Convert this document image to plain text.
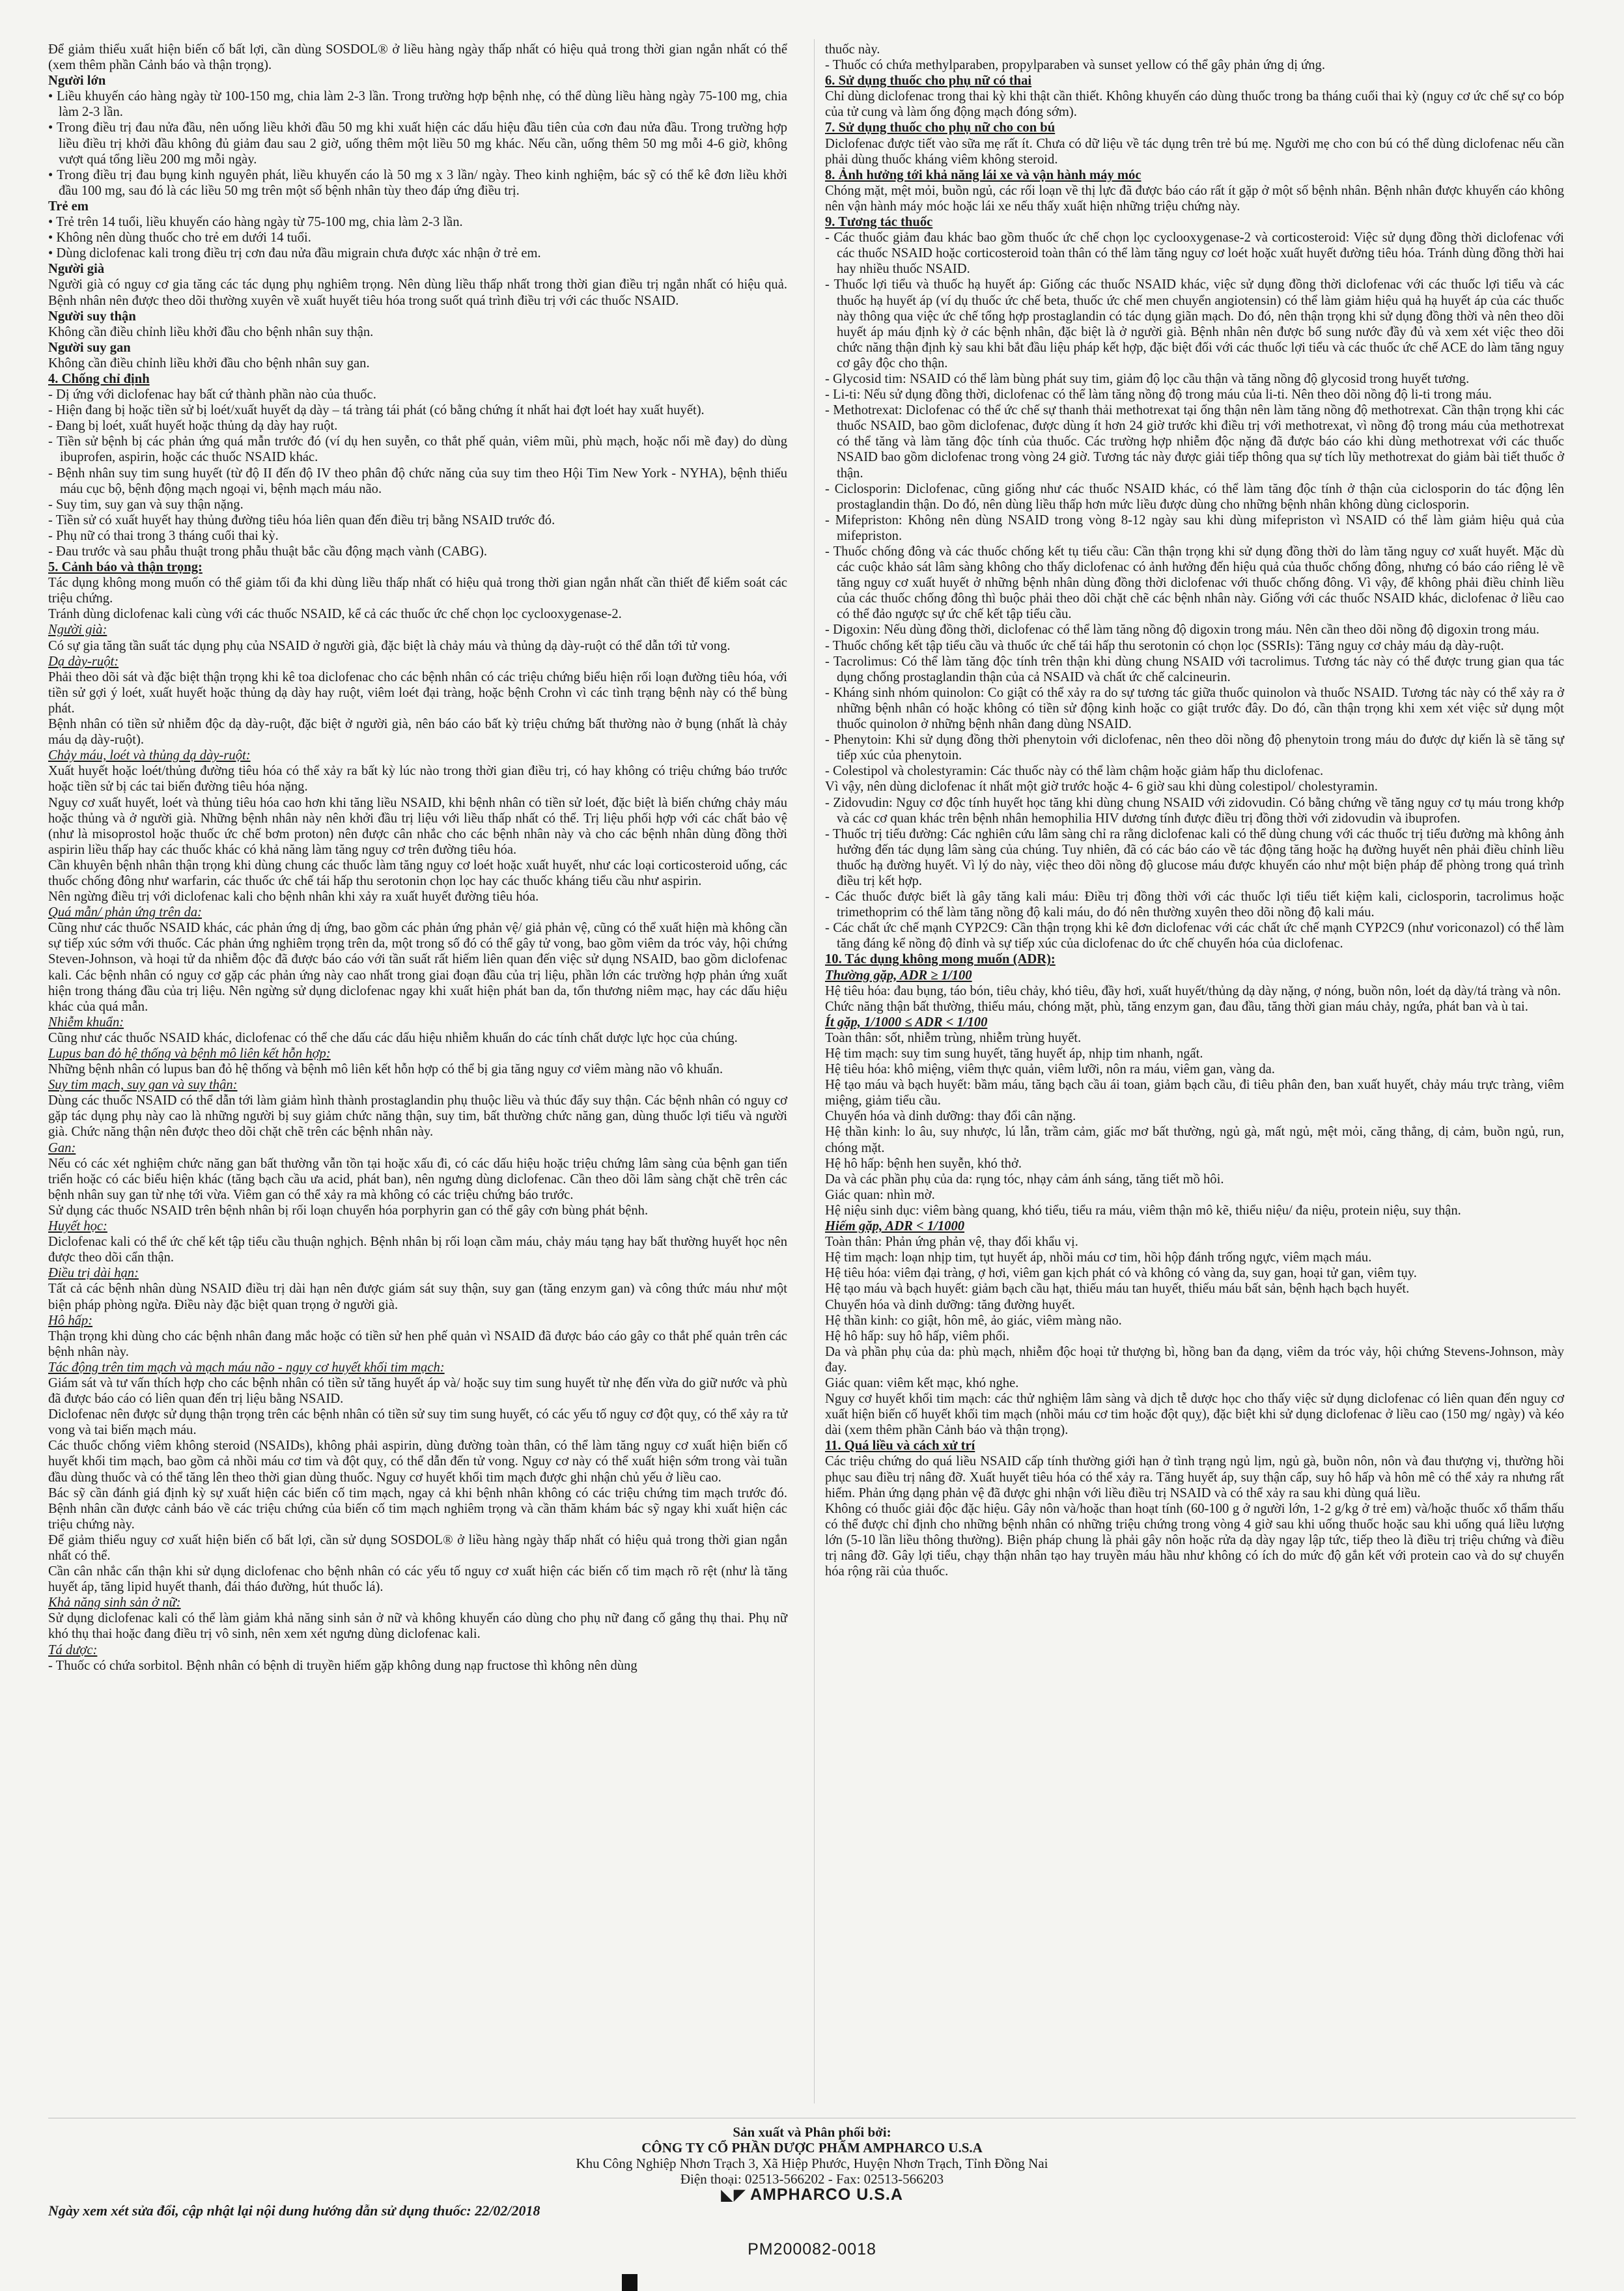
Để giảm thiểu xuất hiện biến cố bất lợi, cần dùng SOSDOL® ở liều hàng ngày thấp nhất có hiệu quả trong thời gian ngắn nhất có thể (xem thêm phần Cảnh báo và thận trọng).

Người lớn

• Liều khuyến cáo hàng ngày từ 100-150 mg, chia làm 2-3 lần. Trong trường hợp bệnh nhẹ, có thể dùng liều hàng ngày 75-100 mg, chia làm 2-3 lần.

• Trong điều trị đau nửa đầu, nên uống liều khởi đầu 50 mg khi xuất hiện các dấu hiệu đầu tiên của cơn đau nửa đầu. Trong trường hợp liều điều trị khởi đầu không đủ giảm đau sau 2 giờ, uống thêm một liều 50 mg khác. Nếu cần, uống thêm 50 mg mỗi 4-6 giờ, không vượt quá tổng liều 200 mg mỗi ngày.

• Trong điều trị đau bụng kinh nguyên phát, liều khuyến cáo là 50 mg x 3 lần/ ngày. Theo kinh nghiệm, bác sỹ có thể kê đơn liều khởi đầu 100 mg, sau đó là các liều 50 mg trên một số bệnh nhân tùy theo đáp ứng điều trị.

Trẻ em

• Trẻ trên 14 tuổi, liều khuyến cáo hàng ngày từ 75-100 mg, chia làm 2-3 lần.

• Không nên dùng thuốc cho trẻ em dưới 14 tuổi.

• Dùng diclofenac kali trong điều trị cơn đau nửa đầu migrain chưa được xác nhận ở trẻ em.

Người già

Người già có nguy cơ gia tăng các tác dụng phụ nghiêm trọng. Nên dùng liều thấp nhất trong thời gian điều trị ngắn nhất có hiệu quả. Bệnh nhân nên được theo dõi thường xuyên về xuất huyết tiêu hóa trong suốt quá trình điều trị với các thuốc NSAID.

Người suy thận

Không cần điều chỉnh liều khởi đầu cho bệnh nhân suy thận.

Người suy gan

Không cần điều chỉnh liều khởi đầu cho bệnh nhân suy gan.

4. Chống chỉ định

- Dị ứng với diclofenac hay bất cứ thành phần nào của thuốc.

- Hiện đang bị hoặc tiền sử bị loét/xuất huyết dạ dày – tá tràng tái phát (có bằng chứng ít nhất hai đợt loét hay xuất huyết).

- Đang bị loét, xuất huyết hoặc thủng dạ dày hay ruột.

- Tiền sử bệnh bị các phản ứng quá mẫn trước đó (ví dụ hen suyễn, co thắt phế quản, viêm mũi, phù mạch, hoặc nổi mề đay) do dùng ibuprofen, aspirin, hoặc các thuốc NSAID khác.

- Bệnh nhân suy tim sung huyết (từ độ II đến độ IV theo phân độ chức năng của suy tim theo Hội Tim New York - NYHA), bệnh thiếu máu cục bộ, bệnh động mạch ngoại vi, bệnh mạch máu não.

- Suy tim, suy gan và suy thận nặng.

- Tiền sử có xuất huyết hay thủng đường tiêu hóa liên quan đến điều trị bằng NSAID trước đó.

- Phụ nữ có thai trong 3 tháng cuối thai kỳ.

- Đau trước và sau phẫu thuật trong phẫu thuật bắc cầu động mạch vành (CABG).

5. Cảnh báo và thận trọng:

Tác dụng không mong muốn có thể giảm tối đa khi dùng liều thấp nhất có hiệu quả trong thời gian ngắn nhất cần thiết để kiểm soát các triệu chứng.

Tránh dùng diclofenac kali cùng với các thuốc NSAID, kể cả các thuốc ức chế chọn lọc cyclooxygenase-2.

Người già:

Có sự gia tăng tần suất tác dụng phụ của NSAID ở người già, đặc biệt là chảy máu và thủng dạ dày-ruột có thể dẫn tới tử vong.

Dạ dày-ruột:

Phải theo dõi sát và đặc biệt thận trọng khi kê toa diclofenac cho các bệnh nhân có các triệu chứng biểu hiện rối loạn đường tiêu hóa, với tiền sử gợi ý loét, xuất huyết hoặc thủng dạ dày hay ruột, viêm loét đại tràng, hoặc bệnh Crohn vì các tình trạng bệnh này có thể bùng phát.

Bệnh nhân có tiền sử nhiễm độc dạ dày-ruột, đặc biệt ở người già, nên báo cáo bất kỳ triệu chứng bất thường nào ở bụng (nhất là chảy máu dạ dày-ruột).

Chảy máu, loét và thủng dạ dày-ruột:

Xuất huyết hoặc loét/thủng đường tiêu hóa có thể xảy ra bất kỳ lúc nào trong thời gian điều trị, có hay không có triệu chứng báo trước hoặc tiền sử bị các tai biến đường tiêu hóa nặng.

Nguy cơ xuất huyết, loét và thủng tiêu hóa cao hơn khi tăng liều NSAID, khi bệnh nhân có tiền sử loét, đặc biệt là biến chứng chảy máu hoặc thủng và ở người già. Những bệnh nhân này nên khởi đầu trị liệu với liều thấp nhất có thể. Trị liệu phối hợp với các chất bảo vệ (như là misoprostol hoặc thuốc ức chế bơm proton) nên được cân nhắc cho các bệnh nhân này và cho các bệnh nhân dùng đồng thời aspirin liều thấp hay các thuốc khác có khả năng làm tăng nguy cơ trên đường tiêu hóa.

Cần khuyên bệnh nhân thận trọng khi dùng chung các thuốc làm tăng nguy cơ loét hoặc xuất huyết, như các loại corticosteroid uống, các thuốc chống đông như warfarin, các thuốc ức chế tái hấp thu serotonin chọn lọc hay các thuốc kháng tiểu cầu như aspirin.

Nên ngừng điều trị với diclofenac kali cho bệnh nhân khi xảy ra xuất huyết đường tiêu hóa.

Quá mẫn/ phản ứng trên da:

Cũng như các thuốc NSAID khác, các phản ứng dị ứng, bao gồm các phản ứng phản vệ/ giả phản vệ, cũng có thể xuất hiện mà không cần sự tiếp xúc sớm với thuốc. Các phản ứng nghiêm trọng trên da, một trong số đó có thể gây tử vong, bao gồm viêm da tróc vảy, hội chứng Steven-Johnson, và hoại tử da nhiễm độc đã được báo cáo với tần suất rất hiếm liên quan đến việc sử dụng NSAID, bao gồm diclofenac kali. Các bệnh nhân có nguy cơ gặp các phản ứng này cao nhất trong giai đoạn đầu của trị liệu, phần lớn các trường hợp phản ứng xuất hiện trong tháng đầu của trị liệu. Nên ngừng sử dụng diclofenac ngay khi xuất hiện phát ban da, tổn thương niêm mạc, hay các dấu hiệu khác của quá mẫn.

Nhiễm khuẩn:

Cũng như các thuốc NSAID khác, diclofenac có thể che dấu các dấu hiệu nhiễm khuẩn do các tính chất dược lực học của chúng.

Lupus ban đỏ hệ thống và bệnh mô liên kết hỗn hợp:

Những bệnh nhân có lupus ban đỏ hệ thống và bệnh mô liên kết hỗn hợp có thể bị gia tăng nguy cơ viêm màng não vô khuẩn.

Suy tim mạch, suy gan và suy thận:

Dùng các thuốc NSAID có thể dẫn tới làm giảm hình thành prostaglandin phụ thuộc liều và thúc đẩy suy thận. Các bệnh nhân có nguy cơ gặp tác dụng phụ này cao là những người bị suy giảm chức năng thận, suy tim, bất thường chức năng gan, dùng thuốc lợi tiểu và người già. Chức năng thận nên được theo dõi chặt chẽ trên các bệnh nhân này.

Gan:

Nếu có các xét nghiệm chức năng gan bất thường vẫn tồn tại hoặc xấu đi, có các dấu hiệu hoặc triệu chứng lâm sàng của bệnh gan tiến triển hoặc có các biểu hiện khác (tăng bạch cầu ưa acid, phát ban), nên ngưng dùng diclofenac. Cần theo dõi lâm sàng chặt chẽ trên các bệnh nhân suy gan từ nhẹ tới vừa. Viêm gan có thể xảy ra mà không có các triệu chứng báo trước.

Sử dụng các thuốc NSAID trên bệnh nhân bị rối loạn chuyển hóa porphyrin gan có thể gây cơn bùng phát bệnh.

Huyết học:

Diclofenac kali có thể ức chế kết tập tiểu cầu thuận nghịch. Bệnh nhân bị rối loạn cầm máu, chảy máu tạng hay bất thường huyết học nên được theo dõi cẩn thận.

Điều trị dài hạn:

Tất cả các bệnh nhân dùng NSAID điều trị dài hạn nên được giám sát suy thận, suy gan (tăng enzym gan) và công thức máu như một biện pháp phòng ngừa. Điều này đặc biệt quan trọng ở người già.

Hô hấp:

Thận trọng khi dùng cho các bệnh nhân đang mắc hoặc có tiền sử hen phế quản vì NSAID đã được báo cáo gây co thắt phế quản trên các bệnh nhân này.

Tác động trên tim mạch và mạch máu não - nguy cơ huyết khối tim mạch:

Giám sát và tư vấn thích hợp cho các bệnh nhân có tiền sử tăng huyết áp và/ hoặc suy tim sung huyết từ nhẹ đến vừa do giữ nước và phù đã được báo cáo có liên quan đến trị liệu bằng NSAID.

Diclofenac nên được sử dụng thận trọng trên các bệnh nhân có tiền sử suy tim sung huyết, có các yếu tố nguy cơ đột quỵ, có thể xảy ra tử vong và tai biến mạch máu.

Các thuốc chống viêm không steroid (NSAIDs), không phải aspirin, dùng đường toàn thân, có thể làm tăng nguy cơ xuất hiện biến cố huyết khối tim mạch, bao gồm cả nhồi máu cơ tim và đột quỵ, có thể dẫn đến tử vong. Nguy cơ này có thể xuất hiện sớm trong vài tuần đầu dùng thuốc và có thể tăng lên theo thời gian dùng thuốc. Nguy cơ huyết khối tim mạch được ghi nhận chủ yếu ở liều cao.

Bác sỹ cần đánh giá định kỳ sự xuất hiện các biến cố tim mạch, ngay cả khi bệnh nhân không có các triệu chứng tim mạch trước đó. Bệnh nhân cần được cảnh báo về các triệu chứng của biến cố tim mạch nghiêm trọng và cần thăm khám bác sỹ ngay khi xuất hiện các triệu chứng này.

Để giảm thiểu nguy cơ xuất hiện biến cố bất lợi, cần sử dụng SOSDOL® ở liều hàng ngày thấp nhất có hiệu quả trong thời gian ngắn nhất có thể.

Cần cân nhắc cẩn thận khi sử dụng diclofenac cho bệnh nhân có các yếu tố nguy cơ xuất hiện các biến cố tim mạch rõ rệt (như là tăng huyết áp, tăng lipid huyết thanh, đái tháo đường, hút thuốc lá).

Khả năng sinh sản ở nữ:

Sử dụng diclofenac kali có thể làm giảm khả năng sinh sản ở nữ và không khuyến cáo dùng cho phụ nữ đang cố gắng thụ thai. Phụ nữ khó thụ thai hoặc đang điều trị vô sinh, nên xem xét ngưng dùng diclofenac kali.

Tá dược:

- Thuốc có chứa sorbitol. Bệnh nhân có bệnh di truyền hiếm gặp không dung nạp fructose thì không nên dùng

thuốc này.

- Thuốc có chứa methylparaben, propylparaben và sunset yellow có thể gây phản ứng dị ứng.

6. Sử dụng thuốc cho phụ nữ có thai

Chỉ dùng diclofenac trong thai kỳ khi thật cần thiết. Không khuyến cáo dùng thuốc trong ba tháng cuối thai kỳ (nguy cơ ức chế sự co bóp của tử cung và làm ống động mạch đóng sớm).

7. Sử dụng thuốc cho phụ nữ cho con bú

Diclofenac được tiết vào sữa mẹ rất ít. Chưa có dữ liệu về tác dụng trên trẻ bú mẹ. Người mẹ cho con bú có thể dùng diclofenac nếu cần phải dùng thuốc kháng viêm không steroid.

8. Ảnh hưởng tới khả năng lái xe và vận hành máy móc

Chóng mặt, mệt mỏi, buồn ngủ, các rối loạn về thị lực đã được báo cáo rất ít gặp ở một số bệnh nhân. Bệnh nhân được khuyến cáo không nên vận hành máy móc hoặc lái xe nếu thấy xuất hiện những triệu chứng này.

9. Tương tác thuốc

- Các thuốc giảm đau khác bao gồm thuốc ức chế chọn lọc cyclooxygenase-2 và corticosteroid: Việc sử dụng đồng thời diclofenac với các thuốc NSAID hoặc corticosteroid toàn thân có thể làm tăng nguy cơ loét hoặc xuất huyết đường tiêu hóa. Tránh dùng đồng thời hai hay nhiều thuốc NSAID.

- Thuốc lợi tiểu và thuốc hạ huyết áp: Giống các thuốc NSAID khác, việc sử dụng đồng thời diclofenac với các thuốc lợi tiểu và các thuốc hạ huyết áp (ví dụ thuốc ức chế beta, thuốc ức chế men chuyển angiotensin) có thể làm giảm hiệu quả hạ huyết áp của các thuốc này thông qua việc ức chế tổng hợp prostaglandin có tác dụng giãn mạch. Do đó, nên thận trọng khi sử dụng đồng thời và nên theo dõi huyết áp máu định kỳ ở các bệnh nhân, đặc biệt là ở người già. Bệnh nhân nên được bổ sung nước đầy đủ và xem xét việc theo dõi chức năng thận định kỳ sau khi bắt đầu liệu pháp kết hợp, đặc biệt đối với các thuốc lợi tiểu và các thuốc ức chế ACE do làm tăng nguy cơ gây độc cho thận.

- Glycosid tim: NSAID có thể làm bùng phát suy tim, giảm độ lọc cầu thận và tăng nồng độ glycosid trong huyết tương.

- Li-ti: Nếu sử dụng đồng thời, diclofenac có thể làm tăng nồng độ trong máu của li-ti. Nên theo dõi nồng độ li-ti trong máu.

- Methotrexat: Diclofenac có thể ức chế sự thanh thải methotrexat tại ống thận nên làm tăng nồng độ methotrexat. Cần thận trọng khi các thuốc NSAID, bao gồm diclofenac, được dùng ít hơn 24 giờ trước khi điều trị với methotrexat, vì nồng độ trong máu của methotrexat có thể tăng và làm tăng độc tính của thuốc. Các trường hợp nhiễm độc nặng đã được báo cáo khi dùng methotrexat với các thuốc NSAID bao gồm diclofenac trong vòng 24 giờ. Tương tác này được giải tiếp thông qua sự tích lũy methotrexat do giảm bài tiết thuốc ở thận.

- Ciclosporin: Diclofenac, cũng giống như các thuốc NSAID khác, có thể làm tăng độc tính ở thận của ciclosporin do tác động lên prostaglandin thận. Do đó, nên dùng liều thấp hơn mức liều được dùng cho những bệnh nhân không dùng ciclosporin.

- Mifepriston: Không nên dùng NSAID trong vòng 8-12 ngày sau khi dùng mifepriston vì NSAID có thể làm giảm hiệu quả của mifepriston.

- Thuốc chống đông và các thuốc chống kết tụ tiểu cầu: Cần thận trọng khi sử dụng đồng thời do làm tăng nguy cơ xuất huyết. Mặc dù các cuộc khảo sát lâm sàng không cho thấy diclofenac có ảnh hưởng đến hiệu quả của thuốc chống đông, nhưng có báo cáo riêng lẻ về tăng nguy cơ xuất huyết ở những bệnh nhân dùng đồng thời diclofenac với thuốc chống đông. Vì vậy, để không phải điều chỉnh liều của các thuốc chống đông thì buộc phải theo dõi chặt chẽ các bệnh nhân này. Giống với các thuốc NSAID khác, diclofenac ở liều cao có thể đảo ngược sự ức chế kết tập tiểu cầu.

- Digoxin: Nếu dùng đồng thời, diclofenac có thể làm tăng nồng độ digoxin trong máu. Nên cần theo dõi nồng độ digoxin trong máu.

- Thuốc chống kết tập tiểu cầu và thuốc ức chế tái hấp thu serotonin có chọn lọc (SSRIs): Tăng nguy cơ chảy máu dạ dày-ruột.

- Tacrolimus: Có thể làm tăng độc tính trên thận khi dùng chung NSAID với tacrolimus. Tương tác này có thể được trung gian qua tác dụng chống prostaglandin thận của cả NSAID và chất ức chế calcineurin.

- Kháng sinh nhóm quinolon: Co giật có thể xảy ra do sự tương tác giữa thuốc quinolon và thuốc NSAID. Tương tác này có thể xảy ra ở những bệnh nhân có hoặc không có tiền sử động kinh hoặc co giật trước đây. Do đó, cần thận trọng khi xem xét việc sử dụng một thuốc quinolon ở những bệnh nhân đang dùng NSAID.

- Phenytoin: Khi sử dụng đồng thời phenytoin với diclofenac, nên theo dõi nồng độ phenytoin trong máu do được dự kiến là sẽ tăng sự tiếp xúc của phenytoin.

- Colestipol và cholestyramin: Các thuốc này có thể làm chậm hoặc giảm hấp thu diclofenac.

Vì vậy, nên dùng diclofenac ít nhất một giờ trước hoặc 4- 6 giờ sau khi dùng colestipol/ cholestyramin.

- Zidovudin: Nguy cơ độc tính huyết học tăng khi dùng chung NSAID với zidovudin. Có bằng chứng về tăng nguy cơ tụ máu trong khớp và các cơ quan khác trên bệnh nhân hemophilia HIV dương tính được điều trị đồng thời với zidovudin và ibuprofen.

- Thuốc trị tiểu đường: Các nghiên cứu lâm sàng chỉ ra rằng diclofenac kali có thể dùng chung với các thuốc trị tiểu đường mà không ảnh hưởng đến tác dụng lâm sàng của chúng. Tuy nhiên, đã có các báo cáo về tác động tăng hoặc hạ đường huyết nên phải điều chỉnh liều thuốc hạ đường huyết. Vì lý do này, việc theo dõi nồng độ glucose máu được khuyến cáo như một biện pháp để phòng trong quá trình điều trị kết hợp.

- Các thuốc được biết là gây tăng kali máu: Điều trị đồng thời với các thuốc lợi tiểu tiết kiệm kali, ciclosporin, tacrolimus hoặc trimethoprim có thể làm tăng nồng độ kali máu, do đó nên thường xuyên theo dõi nồng độ kali máu.

- Các chất ức chế mạnh CYP2C9: Cần thận trọng khi kê đơn diclofenac với các chất ức chế mạnh CYP2C9 (như voriconazol) có thể làm tăng đáng kể nồng độ đỉnh và sự tiếp xúc của diclofenac do ức chế chuyển hóa của diclofenac.

10. Tác dụng không mong muốn (ADR):

Thường gặp, ADR ≥ 1/100

Hệ tiêu hóa: đau bụng, táo bón, tiêu chảy, khó tiêu, đầy hơi, xuất huyết/thủng dạ dày nặng, ợ nóng, buồn nôn, loét dạ dày/tá tràng và nôn.

Chức năng thận bất thường, thiếu máu, chóng mặt, phù, tăng enzym gan, đau đầu, tăng thời gian máu chảy, ngứa, phát ban và ù tai.

Ít gặp, 1/1000 ≤ ADR < 1/100

Toàn thân: sốt, nhiễm trùng, nhiễm trùng huyết.

Hệ tim mạch: suy tim sung huyết, tăng huyết áp, nhịp tim nhanh, ngất.

Hệ tiêu hóa: khô miệng, viêm thực quản, viêm lưỡi, nôn ra máu, viêm gan, vàng da.

Hệ tạo máu và bạch huyết: bầm máu, tăng bạch cầu ái toan, giảm bạch cầu, đi tiêu phân đen, ban xuất huyết, chảy máu trực tràng, viêm miệng, giảm tiểu cầu.

Chuyển hóa và dinh dưỡng: thay đổi cân nặng.

Hệ thần kinh: lo âu, suy nhược, lú lẫn, trầm cảm, giấc mơ bất thường, ngủ gà, mất ngủ, mệt mỏi, căng thẳng, dị cảm, buồn ngủ, run, chóng mặt.

Hệ hô hấp: bệnh hen suyễn, khó thở.

Da và các phần phụ của da: rụng tóc, nhạy cảm ánh sáng, tăng tiết mồ hôi.

Giác quan: nhìn mờ.

Hệ niệu sinh dục: viêm bàng quang, khó tiểu, tiểu ra máu, viêm thận mô kẽ, thiểu niệu/ đa niệu, protein niệu, suy thận.

Hiếm gặp, ADR < 1/1000

Toàn thân: Phản ứng phản vệ, thay đổi khẩu vị.

Hệ tim mạch: loạn nhịp tim, tụt huyết áp, nhồi máu cơ tim, hồi hộp đánh trống ngực, viêm mạch máu.

Hệ tiêu hóa: viêm đại tràng, ợ hơi, viêm gan kịch phát có và không có vàng da, suy gan, hoại tử gan, viêm tụy.

Hệ tạo máu và bạch huyết: giảm bạch cầu hạt, thiếu máu tan huyết, thiếu máu bất sản, bệnh hạch bạch huyết.

Chuyển hóa và dinh dưỡng: tăng đường huyết.

Hệ thần kinh: co giật, hôn mê, ảo giác, viêm màng não.

Hệ hô hấp: suy hô hấp, viêm phổi.

Da và phần phụ của da: phù mạch, nhiễm độc hoại tử thượng bì, hồng ban đa dạng, viêm da tróc vảy, hội chứng Stevens-Johnson, mày đay.

Giác quan: viêm kết mạc, khó nghe.

Nguy cơ huyết khối tim mạch: các thử nghiệm lâm sàng và dịch tễ dược học cho thấy việc sử dụng diclofenac có liên quan đến nguy cơ xuất hiện biến cố huyết khối tim mạch (nhồi máu cơ tim hoặc đột quỵ), đặc biệt khi sử dụng diclofenac ở liều cao (150 mg/ ngày) và kéo dài (xem thêm phần Cảnh báo và thận trọng).

11. Quá liều và cách xử trí

Các triệu chứng do quá liều NSAID cấp tính thường giới hạn ở tình trạng ngủ lịm, ngủ gà, buồn nôn, nôn và đau thượng vị, thường hồi phục sau điều trị nâng đỡ. Xuất huyết tiêu hóa có thể xảy ra. Tăng huyết áp, suy thận cấp, suy hô hấp và hôn mê có thể xảy ra nhưng rất hiếm. Phản ứng dạng phản vệ đã được ghi nhận với liều điều trị NSAID và có thể xảy ra sau khi dùng quá liều.

Không có thuốc giải độc đặc hiệu. Gây nôn và/hoặc than hoạt tính (60-100 g ở người lớn, 1-2 g/kg ở trẻ em) và/hoặc thuốc xổ thẩm thấu có thể được chỉ định cho những bệnh nhân có những triệu chứng trong vòng 4 giờ sau khi uống thuốc hoặc sau khi uống quá liều lượng lớn (5-10 lần liều thông thường). Biện pháp chung là phải gây nôn hoặc rửa dạ dày ngay lập tức, tiếp theo là điều trị triệu chứng và điều trị nâng đỡ. Gây lợi tiểu, chạy thận nhân tạo hay truyền máu hầu như không có ích do mức độ gắn kết với protein cao và do sự chuyển hóa rộng rãi của thuốc.

Sản xuất và Phân phối bởi:
CÔNG TY CỔ PHẦN DƯỢC PHẨM AMPHARCO U.S.A
Khu Công Nghiệp Nhơn Trạch 3, Xã Hiệp Phước, Huyện Nhơn Trạch, Tỉnh Đồng Nai
Điện thoại: 02513-566202 - Fax: 02513-566203
◣◤ AMPHARCO U.S.A
Ngày xem xét sửa đổi, cập nhật lại nội dung hướng dẫn sử dụng thuốc: 22/02/2018
PM200082-0018
